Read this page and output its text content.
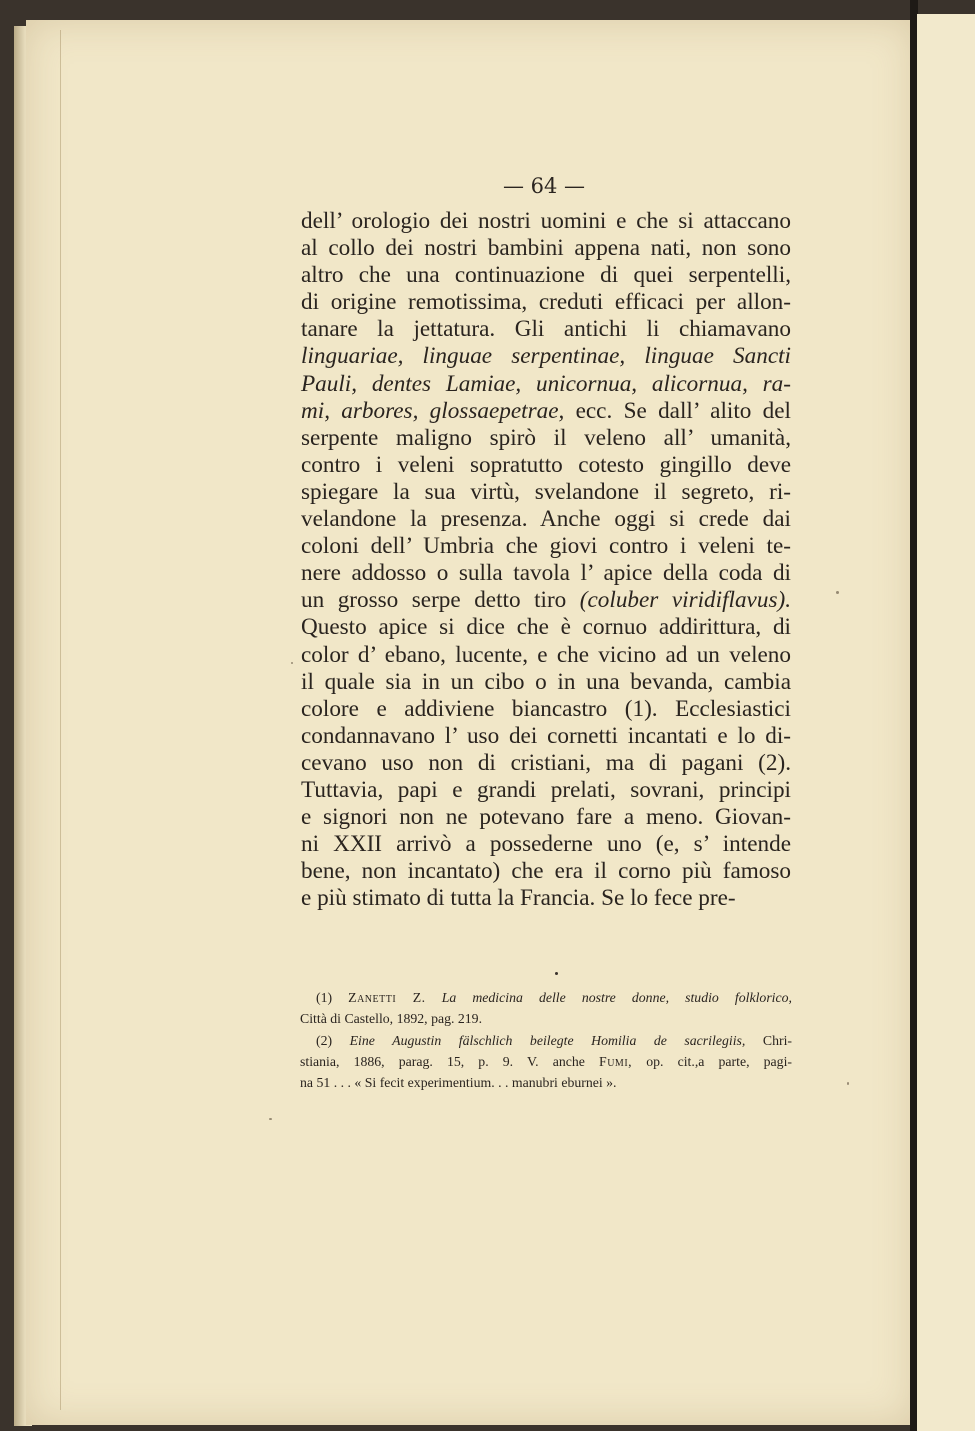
— 64 —
dell’ orologio dei nostri uomini e che si attaccano
al collo dei nostri bambini appena nati, non sono
altro che una continuazione di quei serpentelli,
di origine remotissima, creduti efficaci per allon-
tanare la jettatura. Gli antichi li chiamavano
linguariae, linguae serpentinae, linguae Sancti
Pauli, dentes Lamiae, unicornua, alicornua, ra-
mi, arbores, glossaepetrae, ecc. Se dall’ alito del
serpente maligno spirò il veleno all’ umanità,
contro i veleni sopratutto cotesto gingillo deve
spiegare la sua virtù, svelandone il segreto, ri-
velandone la presenza. Anche oggi si crede dai
coloni dell’ Umbria che giovi contro i veleni te-
nere addosso o sulla tavola l’ apice della coda di
un grosso serpe detto tiro (coluber viridiflavus).
Questo apice si dice che è cornuo addirittura, di
color d’ ebano, lucente, e che vicino ad un veleno
il quale sia in un cibo o in una bevanda, cambia
colore e addiviene biancastro (1). Ecclesiastici
condannavano l’ uso dei cornetti incantati e lo di-
cevano uso non di cristiani, ma di pagani (2).
Tuttavia, papi e grandi prelati, sovrani, principi
e signori non ne potevano fare a meno. Giovan-
ni XXII arrivò a possederne uno (e, s’ intende
bene, non incantato) che era il corno più famoso
e più stimato di tutta la Francia. Se lo fece pre-
(1) Zanetti Z. La medicina delle nostre donne, studio folklorico,
Città di Castello, 1892, pag. 219.
(2) Eine Augustin fälschlich beilegte Homilia de sacrilegiis, Chri-
stiania, 1886, parag. 15, p. 9. V. anche Fumi, op. cit.,a parte, pagi-
na 51 . . . « Si fecit experimentium. . . manubri eburnei ».
